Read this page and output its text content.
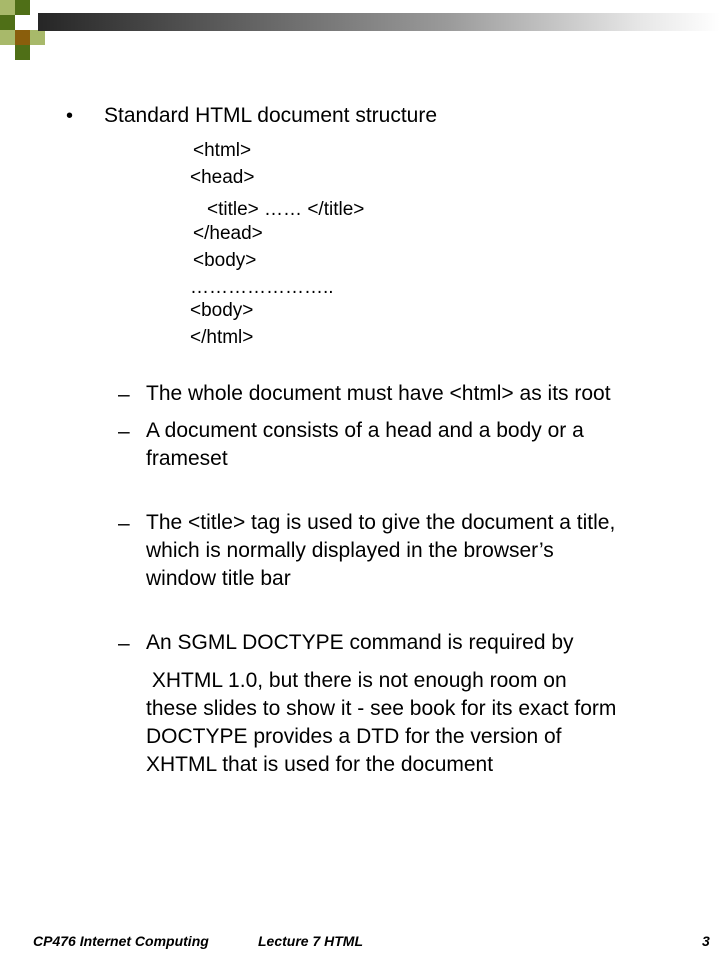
• Standard HTML document structure
<html>
<head>
<title> …… </title>
</head>
<body>
…………………..
<body>
</html>
– The whole document must have <html> as its root
– A document consists of a head and a body or a
frameset
– The <title> tag is used to give the document a title,
which is normally displayed in the browser’s
window title bar
– An SGML DOCTYPE command is required by
XHTML 1.0, but there is not enough room on
these slides to show it - see book for its exact form
DOCTYPE provides a DTD for the version of
XHTML that is used for the document
CP476 Internet Computing	Lecture 7 HTML	3
